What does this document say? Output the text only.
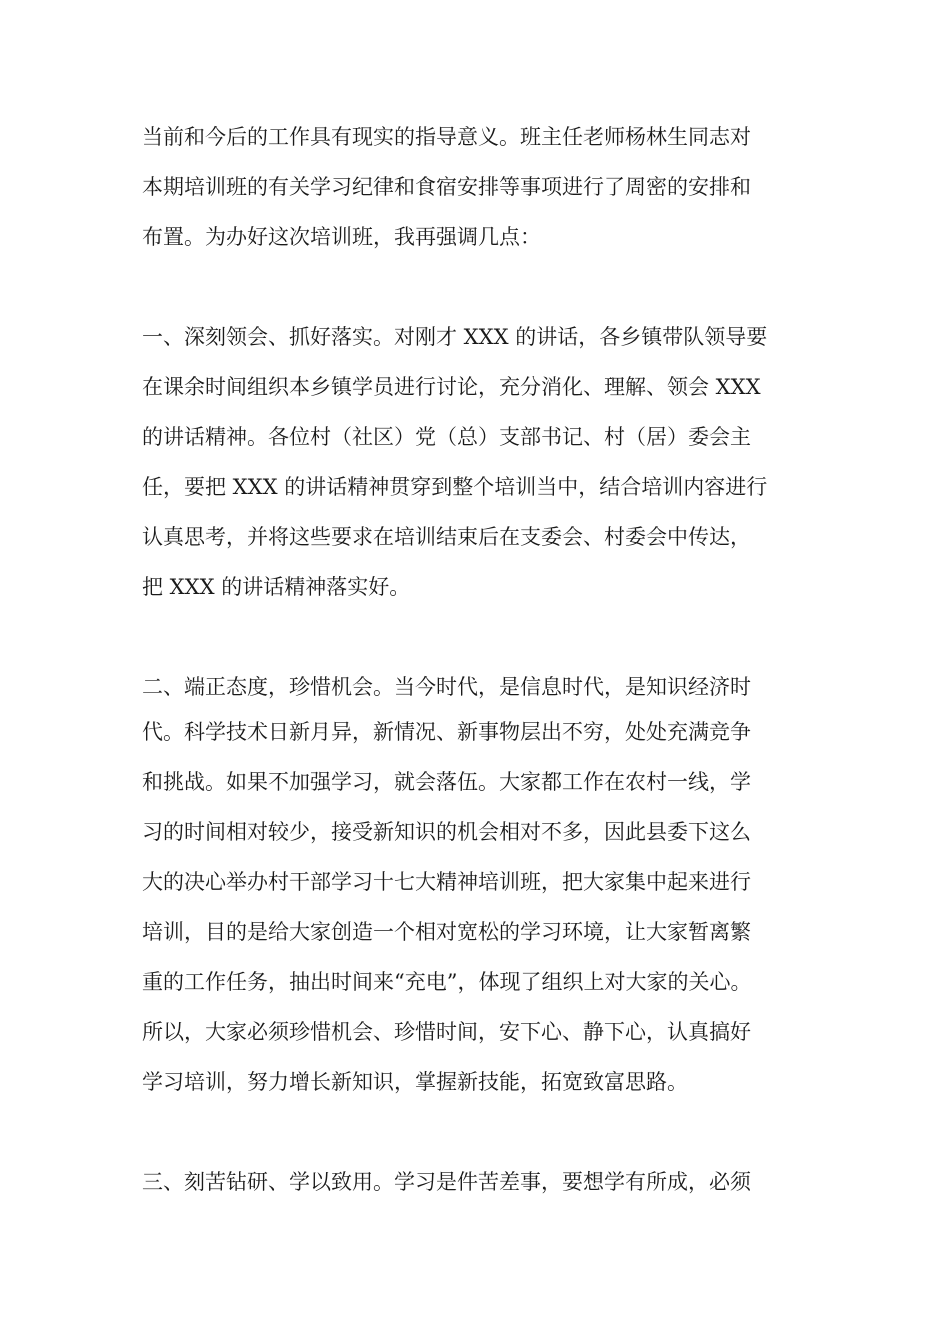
当前和今后的工作具有现实的指导意义。班主任老师杨林生同志对
本期培训班的有关学习纪律和食宿安排等事项进行了周密的安排和
布置。为办好这次培训班，我再强调几点：
一、深刻领会、抓好落实。对刚才 XXX 的讲话，各乡镇带队领导要
在课余时间组织本乡镇学员进行讨论，充分消化、理解、领会 XXX
的讲话精神。各位村（社区）党（总）支部书记、村（居）委会主
任，要把 XXX 的讲话精神贯穿到整个培训当中，结合培训内容进行
认真思考，并将这些要求在培训结束后在支委会、村委会中传达，
把 XXX 的讲话精神落实好。
二、端正态度，珍惜机会。当今时代，是信息时代，是知识经济时
代。科学技术日新月异，新情况、新事物层出不穷，处处充满竞争
和挑战。如果不加强学习，就会落伍。大家都工作在农村一线，学
习的时间相对较少，接受新知识的机会相对不多，因此县委下这么
大的决心举办村干部学习十七大精神培训班，把大家集中起来进行
培训，目的是给大家创造一个相对宽松的学习环境，让大家暂离繁
重的工作任务，抽出时间来“充电”，体现了组织上对大家的关心。
所以，大家必须珍惜机会、珍惜时间，安下心、静下心，认真搞好
学习培训，努力增长新知识，掌握新技能，拓宽致富思路。
三、刻苦钻研、学以致用。学习是件苦差事，要想学有所成，必须
